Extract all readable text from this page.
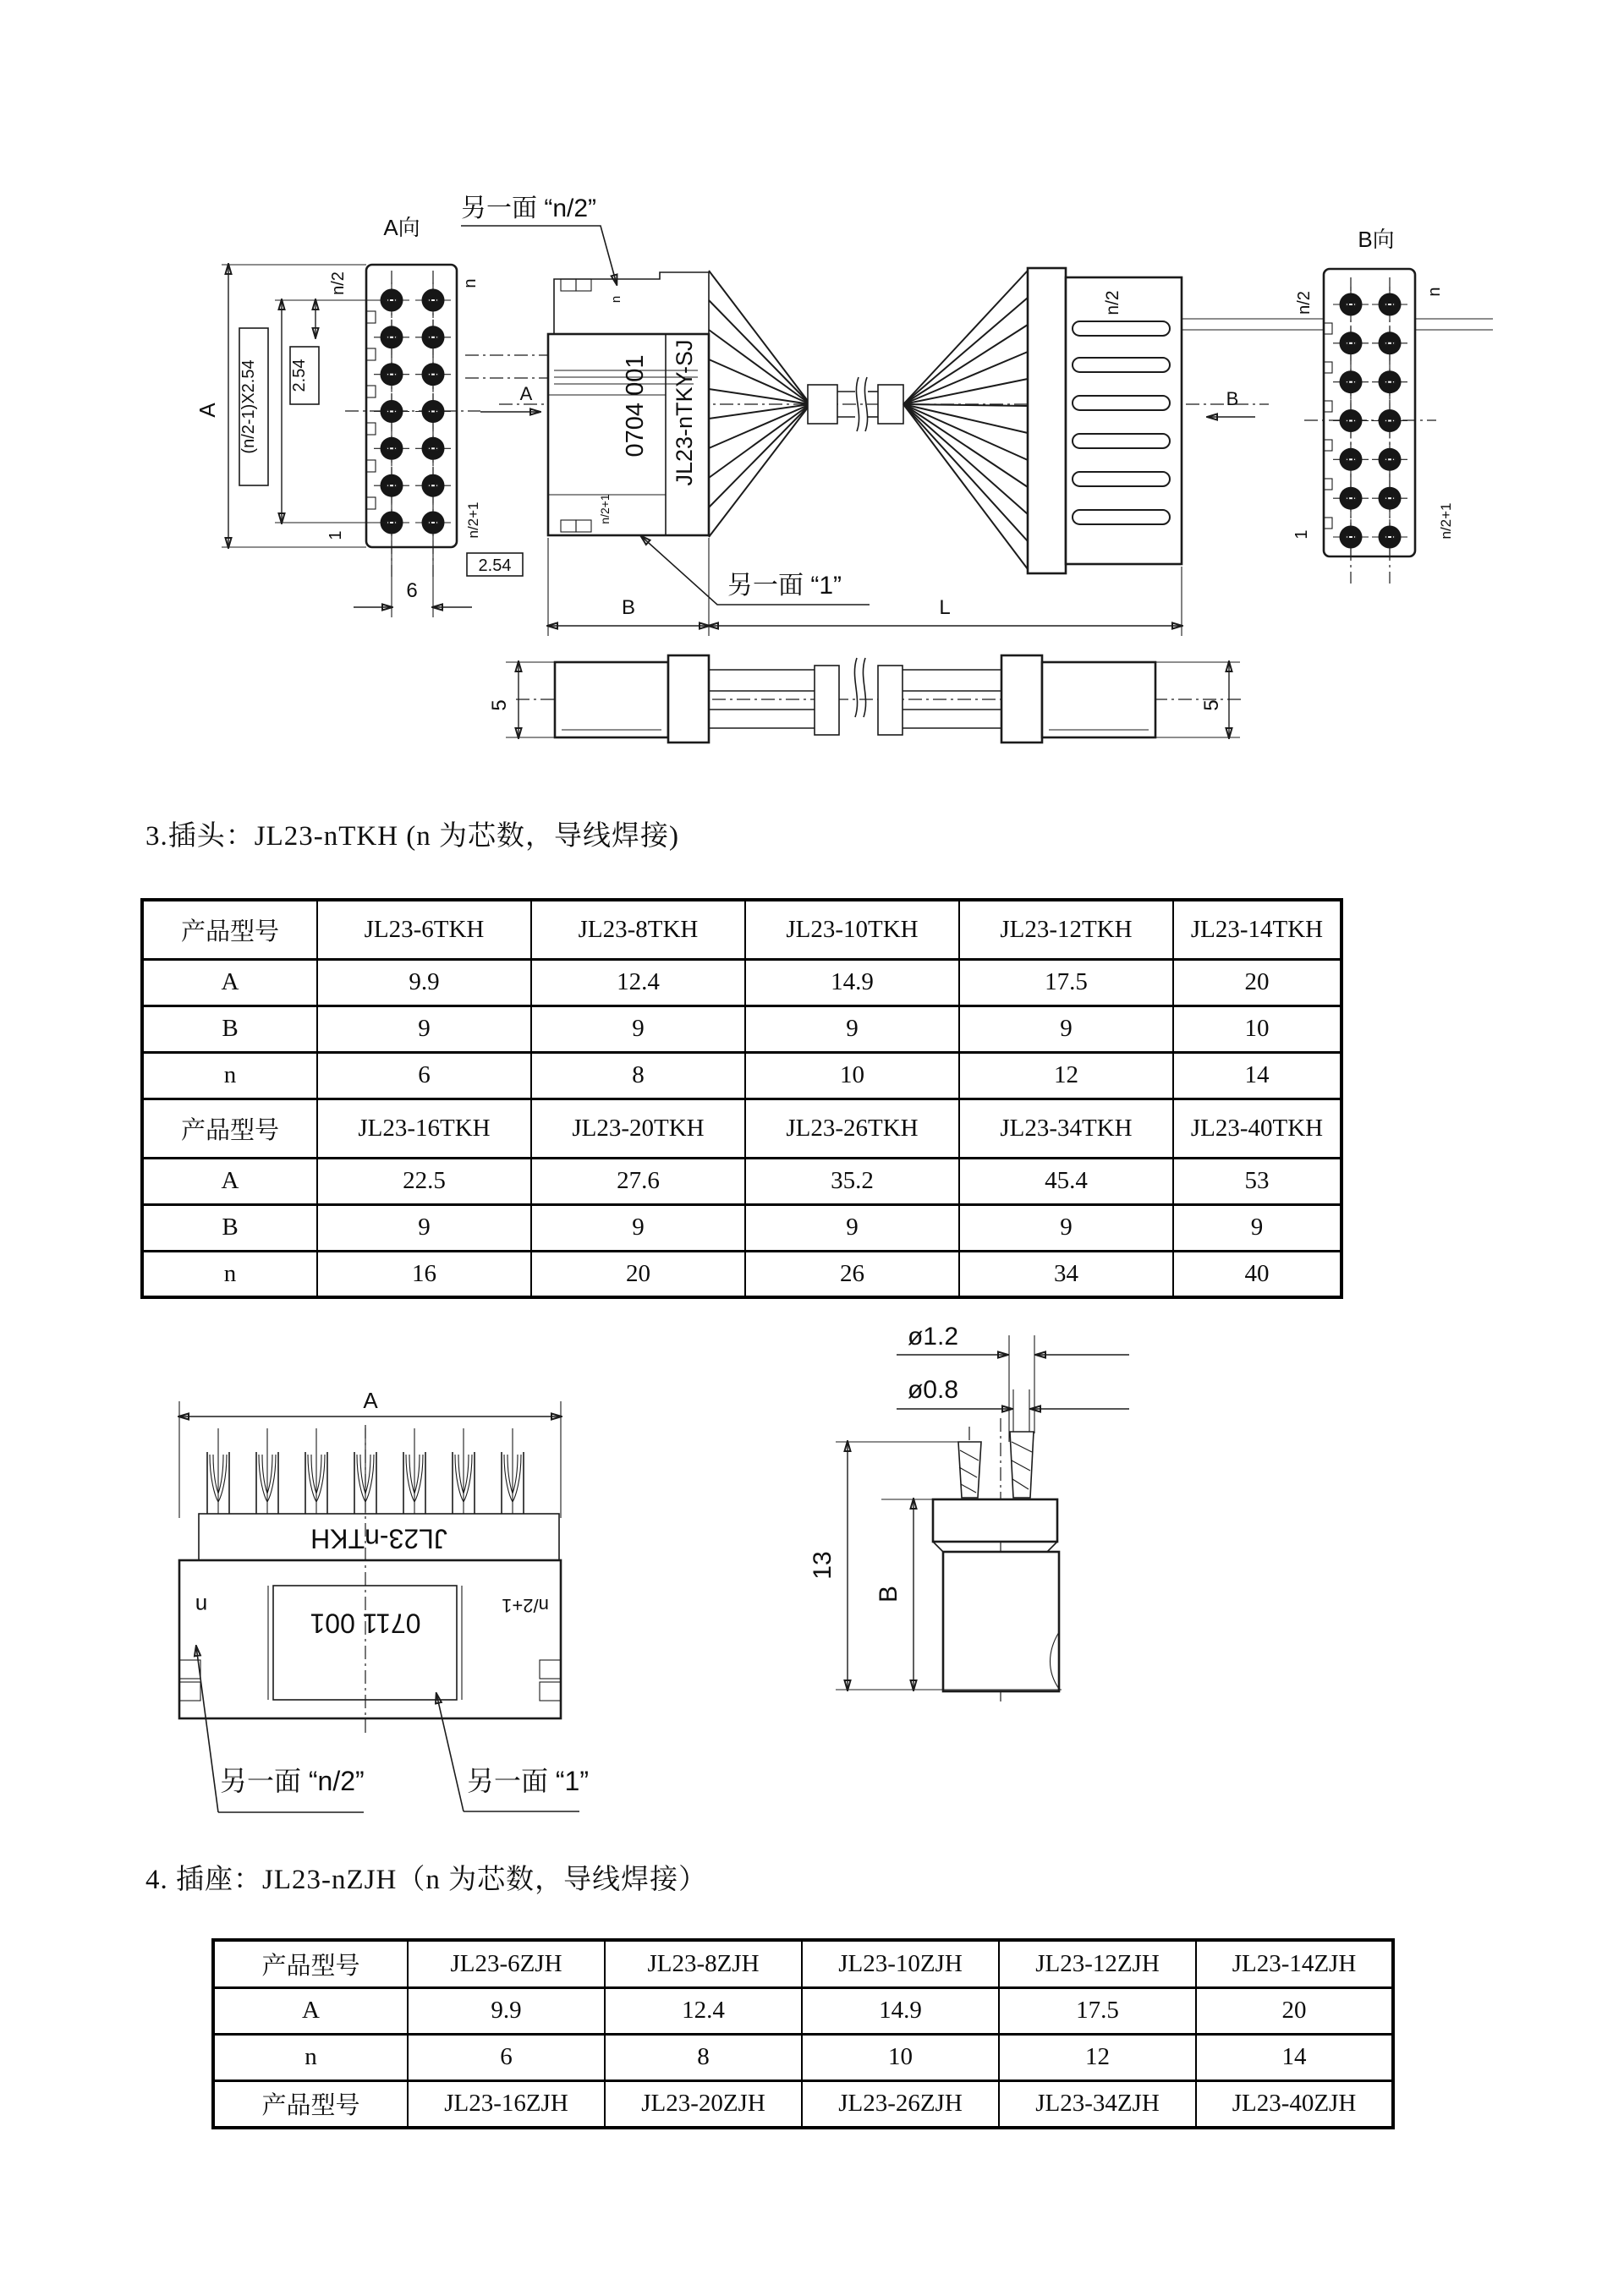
A向
A (n/2-1)X2.54 2.54
n/2	n
1	n/2+1
6
2.54
0704 001 JL23-nTKY-SJ
n
n/2+1
n/2
另一面 “n/2”
另一面 “1”
A	B
B	L
B向
n/2	n
1	n/2+1
5	5
3.插头：JL23-nTKH (n 为芯数，导线焊接)
产品型号	JL23-6TKH	JL23-8TKH	JL23-10TKH	JL23-12TKH	JL23-14TKH
A	9.9	12.4	14.9	17.5	20
B	9	9	9	9	10
n	6	8	10	12	14
产品型号	JL23-16TKH	JL23-20TKH	JL23-26TKH	JL23-34TKH	JL23-40TKH
A	22.5	27.6	35.2	45.4	53
B	9	9	9	9	9
n	16	20	26	34	40
A
JL23-nTKH
0711 001
n	n/2+1
另一面 “n/2”	另一面 “1”
ø1.2
ø0.8
13
B
4. 插座：JL23-nZJH（n 为芯数，导线焊接）
产品型号	JL23-6ZJH	JL23-8ZJH	JL23-10ZJH	JL23-12ZJH	JL23-14ZJH
A	9.9	12.4	14.9	17.5	20
n	6	8	10	12	14
产品型号	JL23-16ZJH	JL23-20ZJH	JL23-26ZJH	JL23-34ZJH	JL23-40ZJH
